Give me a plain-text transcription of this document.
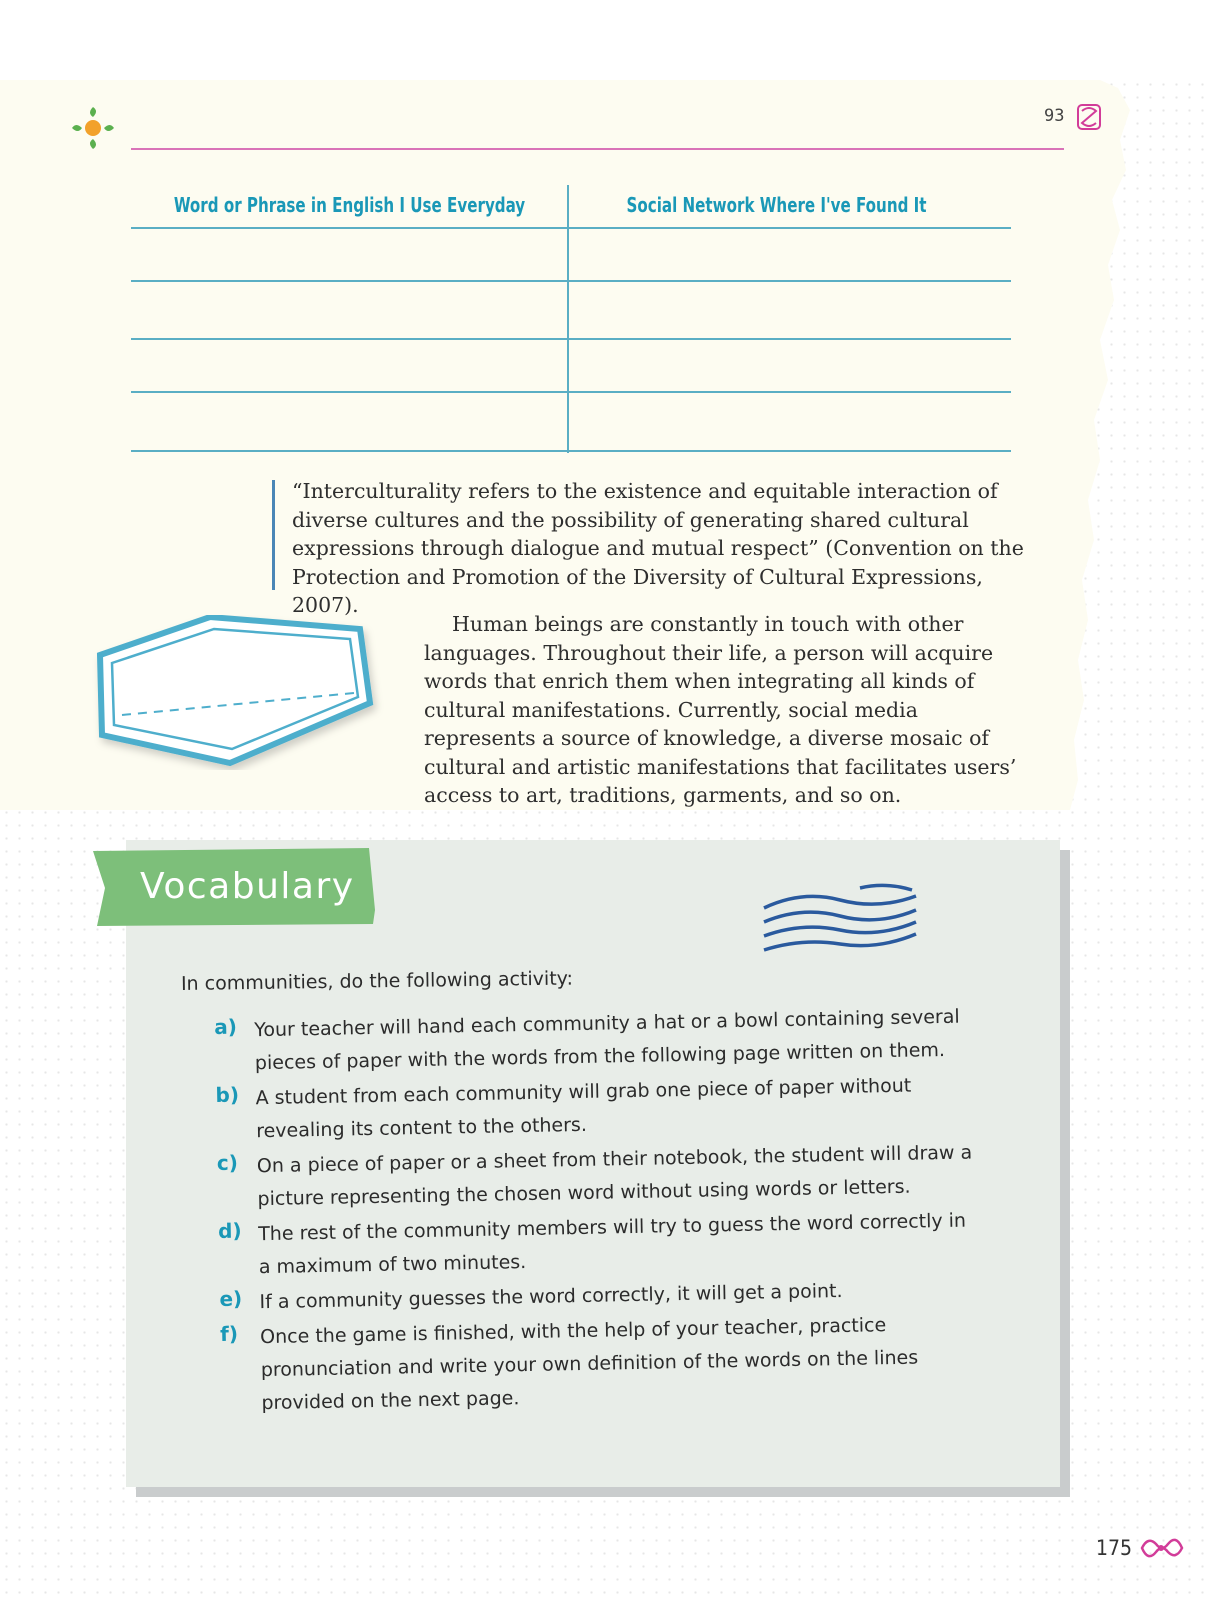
93
Word or Phrase in English I Use Everyday	Social Network Where I've Found It

“Interculturality refers to the existence and equitable interaction of diverse cultures and the possibility of generating shared cultural expressions through dialogue and mutual respect” (Convention on the Protection and Promotion of the Diversity of Cultural Expressions, 2007).

Human beings are constantly in touch with other languages. Throughout their life, a person will acquire words that enrich them when integrating all kinds of cultural manifestations. Currently, social media represents a source of knowledge, a diverse mosaic of cultural and artistic manifestations that facilitates users’ access to art, traditions, garments, and so on.

Vocabulary
In communities, do the following activity:
a) Your teacher will hand each community a hat or a bowl containing several pieces of paper with the words from the following page written on them.
b) A student from each community will grab one piece of paper without revealing its content to the others.
c) On a piece of paper or a sheet from their notebook, the student will draw a picture representing the chosen word without using words or letters.
d) The rest of the community members will try to guess the word correctly in a maximum of two minutes.
e) If a community guesses the word correctly, it will get a point.
f) Once the game is finished, with the help of your teacher, practice pronunciation and write your own definition of the words on the lines provided on the next page.
175
